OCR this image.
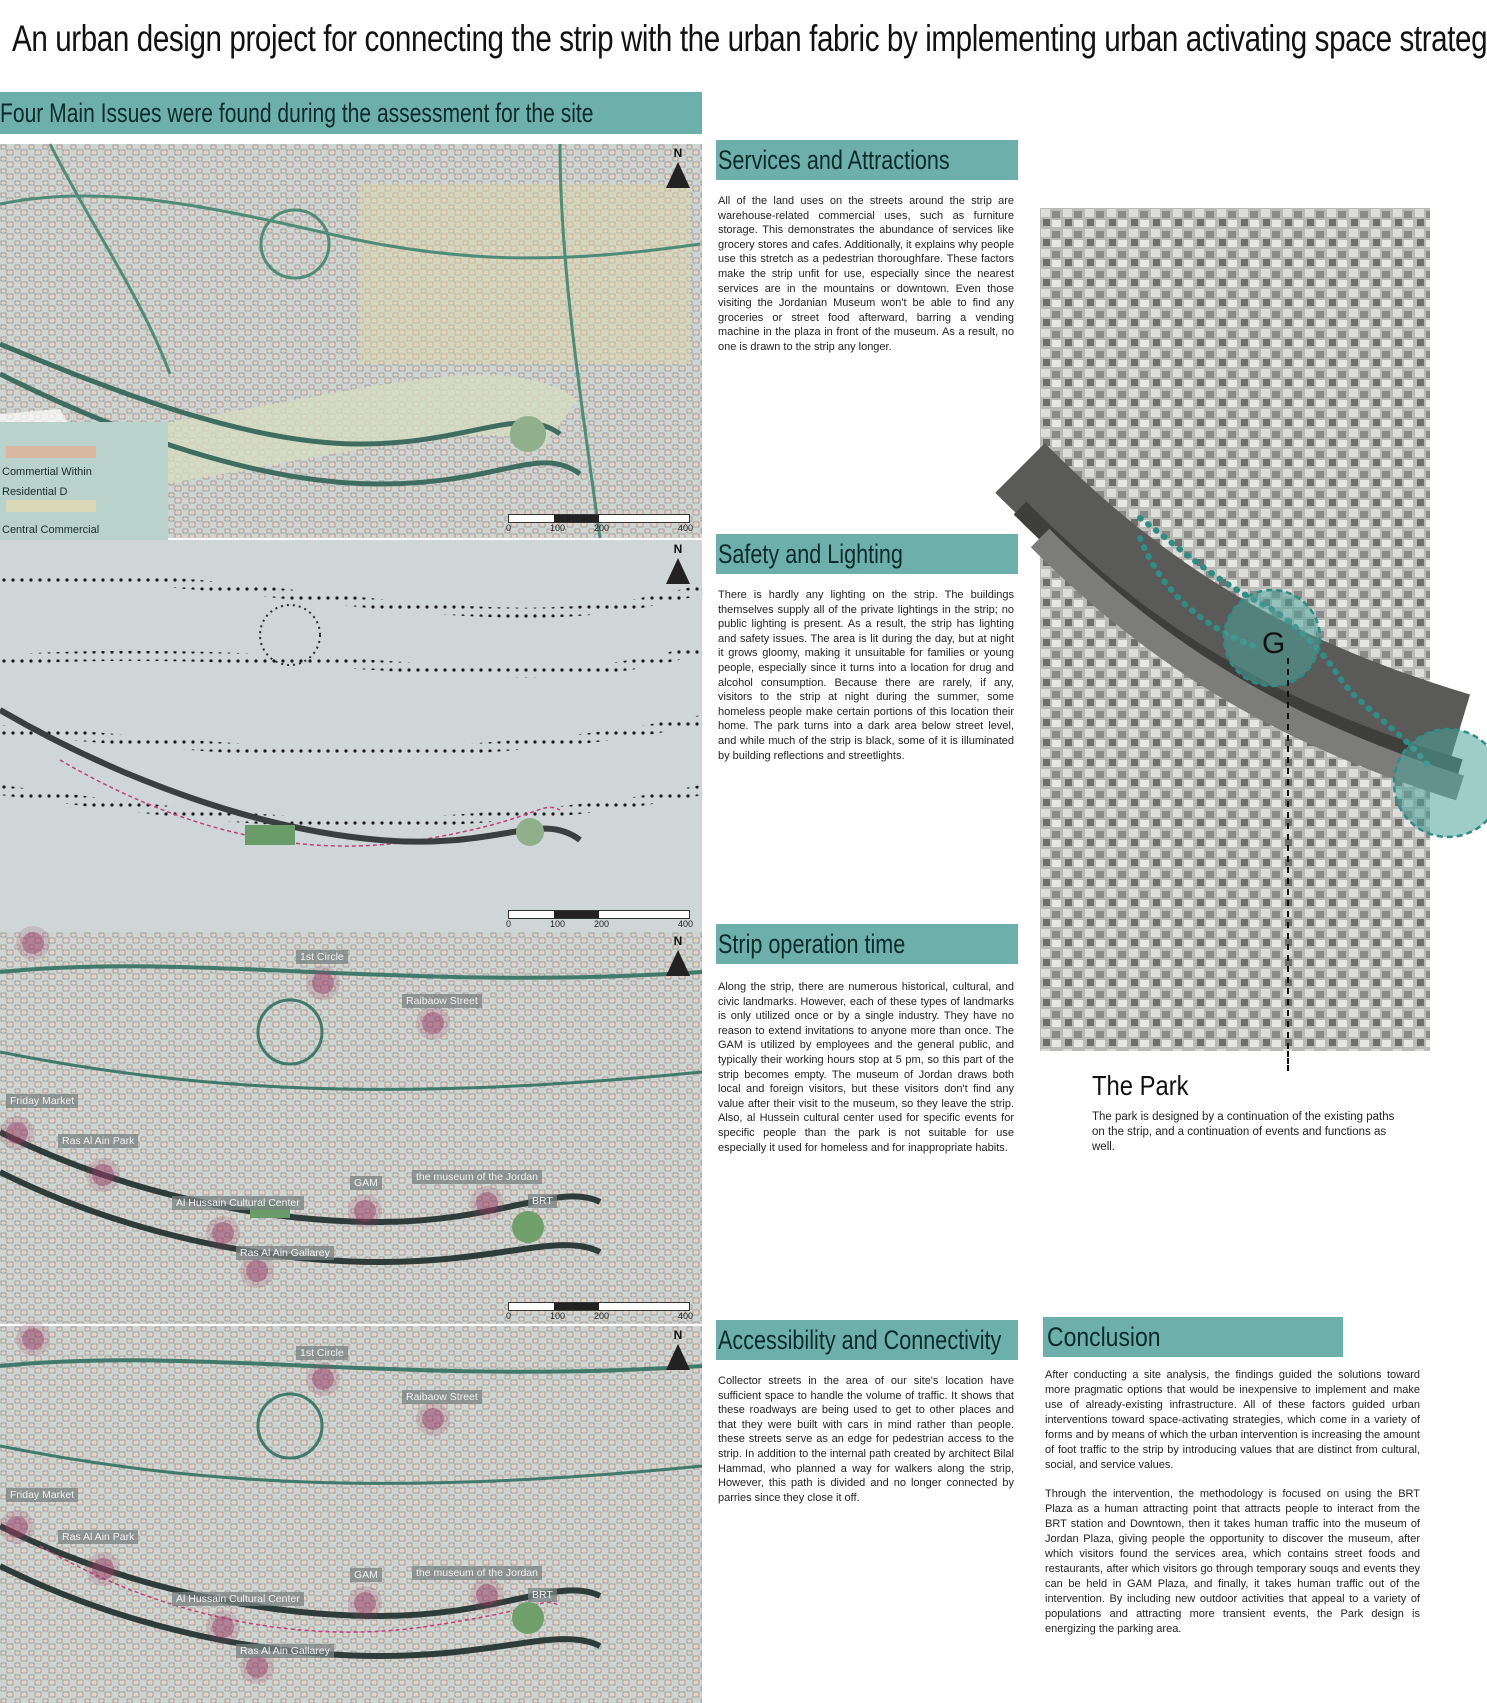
An urban design project for connecting the strip with the urban fabric by implementing urban activating space strateg
Four Main Issues were found during the assessment for the site
Commertial Within
Residential D
Central Commercial	0	100	200	400
N
0	100	200	400
N
1st Circle
Raibaow Street
Friday Market
Ras Al Ain Park
GAM	the museum of the Jordan
Al Hussain Cultural Center	BRT
Ras Al Ain Gallarey
0	100	200	400
N
1st Circle
Raibaow Street
Friday Market
Ras Al Ain Park
GAM	the museum of the Jordan
Al Hussain Cultural Center	BRT
Ras Al Ain Gallarey
N
Services and Attractions
All of the land uses on the streets around the strip are warehouse-related commercial uses, such as furniture storage. This demonstrates the abundance of services like grocery stores and cafes. Additionally, it explains why people use this stretch as a pedestrian thoroughfare. These factors make the strip unfit for use, especially since the nearest services are in the mountains or downtown. Even those visiting the Jordanian Museum won't be able to find any groceries or street food afterward, barring a vending machine in the plaza in front of the museum. As a result, no one is drawn to the strip any longer.
Safety and Lighting
There is hardly any lighting on the strip. The buildings themselves supply all of the private lightings in the strip; no public lighting is present. As a result, the strip has lighting and safety issues. The area is lit during the day, but at night it grows gloomy, making it unsuitable for families or young people, especially since it turns into a location for drug and alcohol consumption. Because there are rarely, if any, visitors to the strip at night during the summer, some homeless people make certain portions of this location their home. The park turns into a dark area below street level, and while much of the strip is black, some of it is illuminated by building reflections and streetlights.
Strip operation time
Along the strip, there are numerous historical, cultural, and civic landmarks. However, each of these types of landmarks is only utilized once or by a single industry. They have no reason to extend invitations to anyone more than once. The GAM is utilized by employees and the general public, and typically their working hours stop at 5 pm, so this part of the strip becomes empty. The museum of Jordan draws both local and foreign visitors, but these visitors don't find any value after their visit to the museum, so they leave the strip. Also, al Hussein cultural center used for specific events for specific people than the park is not suitable for use especially it used for homeless and for inappropriate habits.
Accessibility and Connectivity
Collector streets in the area of our site's location have sufficient space to handle the volume of traffic. It shows that these roadways are being used to get to other places and that they were built with cars in mind rather than people. these streets serve as an edge for pedestrian access to the strip. In addition to the internal path created by architect Bilal Hammad, who planned a way for walkers along the strip, However, this path is divided and no longer connected by parries since they close it off.
G
The Park
The park is designed by a continuation of the existing paths on the strip, and a continuation of events and functions as well.
Conclusion

After conducting a site analysis, the findings guided the solutions toward more pragmatic options that would be inexpensive to implement and make use of already-existing infrastructure. All of these factors guided urban interventions toward space-activating strategies, which come in a variety of forms and by means of which the urban intervention is increasing the amount of foot traffic to the strip by introducing values that are distinct from cultural, social, and service values.

Through the intervention, the methodology is focused on using the BRT Plaza as a human attracting point that attracts people to interact from the BRT station and Downtown, then it takes human traffic into the museum of Jordan Plaza, giving people the opportunity to discover the museum, after which visitors found the services area, which contains street foods and restaurants, after which visitors go through temporary souqs and events they can be held in GAM Plaza, and finally, it takes human traffic out of the intervention. By including new outdoor activities that appeal to a variety of populations and attracting more transient events, the Park design is energizing the parking area.
